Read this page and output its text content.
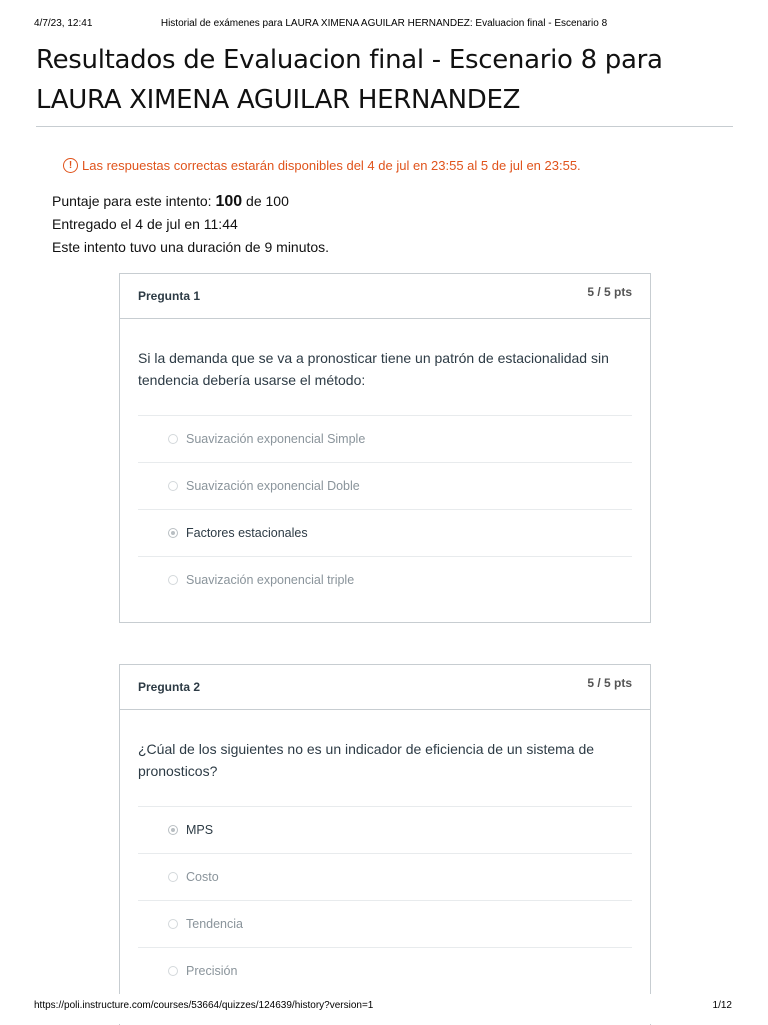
4/7/23, 12:41	Historial de exámenes para LAURA XIMENA AGUILAR HERNANDEZ: Evaluacion final - Escenario 8
Resultados de Evaluacion final - Escenario 8 para LAURA XIMENA AGUILAR HERNANDEZ
! Las respuestas correctas estarán disponibles del 4 de jul en 23:55 al 5 de jul en 23:55.
Puntaje para este intento: 100 de 100
Entregado el 4 de jul en 11:44
Este intento tuvo una duración de 9 minutos.
Pregunta 1	5 / 5 pts
Si la demanda que se va a pronosticar tiene un patrón de estacionalidad sin tendencia debería usarse el método:
Suavización exponencial Simple
Suavización exponencial Doble
Factores estacionales
Suavización exponencial triple
Pregunta 2	5 / 5 pts
¿Cúal de los siguientes no es un indicador de eficiencia de un sistema de pronosticos?
MPS
Costo
Tendencia
Precisión
https://poli.instructure.com/courses/53664/quizzes/124639/history?version=1	1/12
